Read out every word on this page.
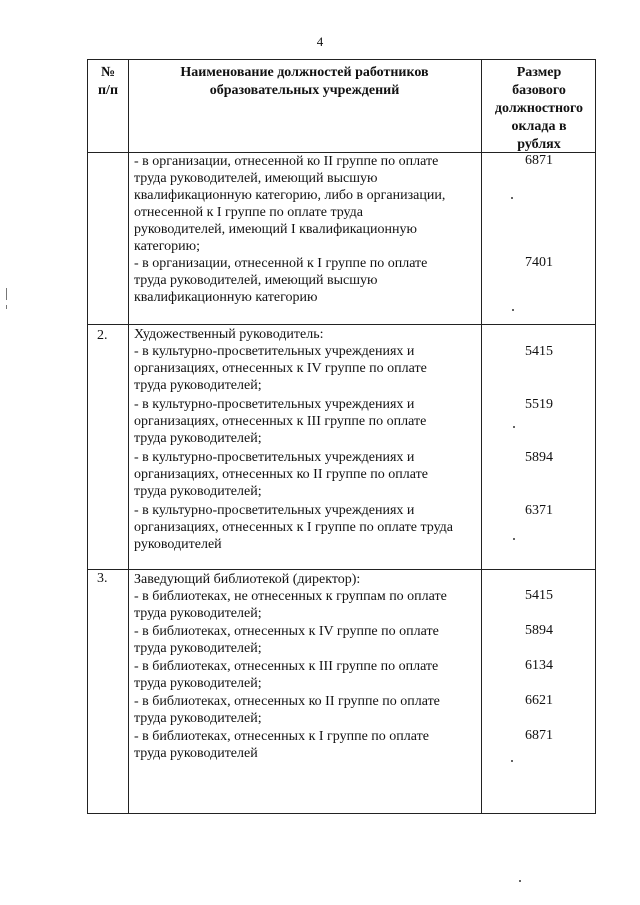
4
№
п/п
Наименование должностей работников
образовательных учреждений
Размер
базового
должностного
оклада в
рублях
- в организации, отнесенной ко II группе по оплате
труда руководителей, имеющий высшую
квалификационную категорию, либо в организации,
отнесенной к I группе по оплате труда
руководителей, имеющий I квалификационную
категорию;
- в организации, отнесенной к I группе по оплате
труда руководителей, имеющий высшую
квалификационную категорию
6871
7401
2. Художественный руководитель:
- в культурно-просветительных учреждениях и
организациях, отнесенных к IV группе по оплате
труда руководителей;
- в культурно-просветительных учреждениях и
организациях, отнесенных к III группе по оплате
труда руководителей;
- в культурно-просветительных учреждениях и
организациях, отнесенных ко II группе по оплате
труда руководителей;
- в культурно-просветительных учреждениях и
организациях, отнесенных к I группе по оплате труда
руководителей
5415
5519
5894
6371
3. Заведующий библиотекой (директор):
- в библиотеках, не отнесенных к группам по оплате
труда руководителей;
- в библиотеках, отнесенных к IV группе по оплате
труда руководителей;
- в библиотеках, отнесенных к III группе по оплате
труда руководителей;
- в библиотеках, отнесенных ко II группе по оплате
труда руководителей;
- в библиотеках, отнесенных к I группе по оплате
труда руководителей
5415
5894
6134
6621
6871
